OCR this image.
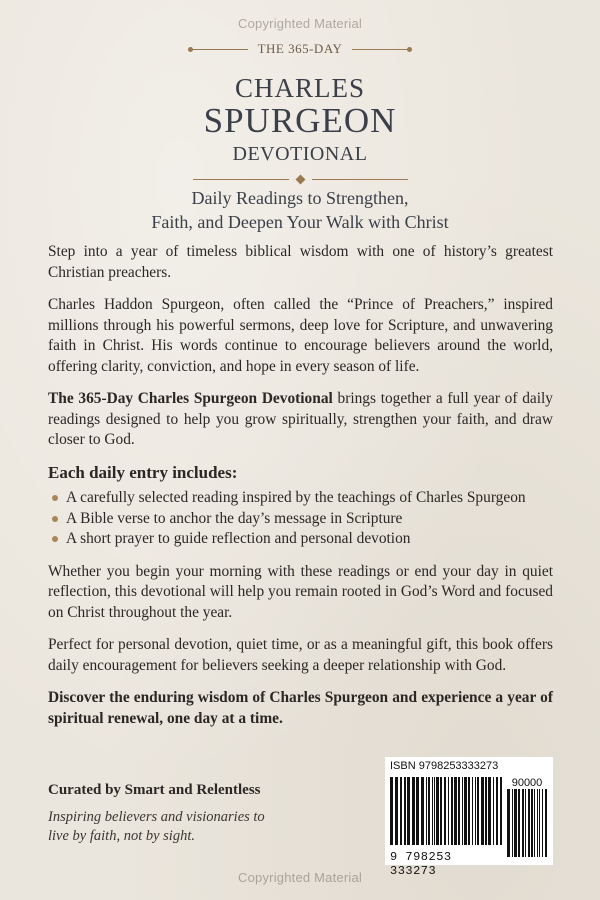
Copyrighted Material
THE 365-DAY
CHARLES
SPURGEON
DEVOTIONAL
Daily Readings to Strengthen,
Faith, and Deepen Your Walk with Christ

Step into a year of timeless biblical wisdom with one of history’s greatest Christian preachers.

Charles Haddon Spurgeon, often called the “Prince of Preachers,” inspired millions through his powerful sermons, deep love for Scripture, and unwavering faith in Christ. His words continue to encourage believers around the world, offering clarity, conviction, and hope in every season of life.

The 365-Day Charles Spurgeon Devotional brings together a full year of daily readings designed to help you grow spiritually, strengthen your faith, and draw closer to God.

Each daily entry includes:
A carefully selected reading inspired by the teachings of Charles Spurgeon
A Bible verse to anchor the day’s message in Scripture
A short prayer to guide reflection and personal devotion

Whether you begin your morning with these readings or end your day in quiet reflection, this devotional will help you remain rooted in God’s Word and focused on Christ throughout the year.

Perfect for personal devotion, quiet time, or as a meaningful gift, this book offers daily encouragement for believers seeking a deeper relationship with God.

Discover the enduring wisdom of Charles Spurgeon and experience a year of spiritual renewal, one day at a time.

Curated by Smart and Relentless
Inspiring believers and visionaries to live by faith, not by sight.
ISBN 9798253333273
9 798253 333273
90000
Copyrighted Material
